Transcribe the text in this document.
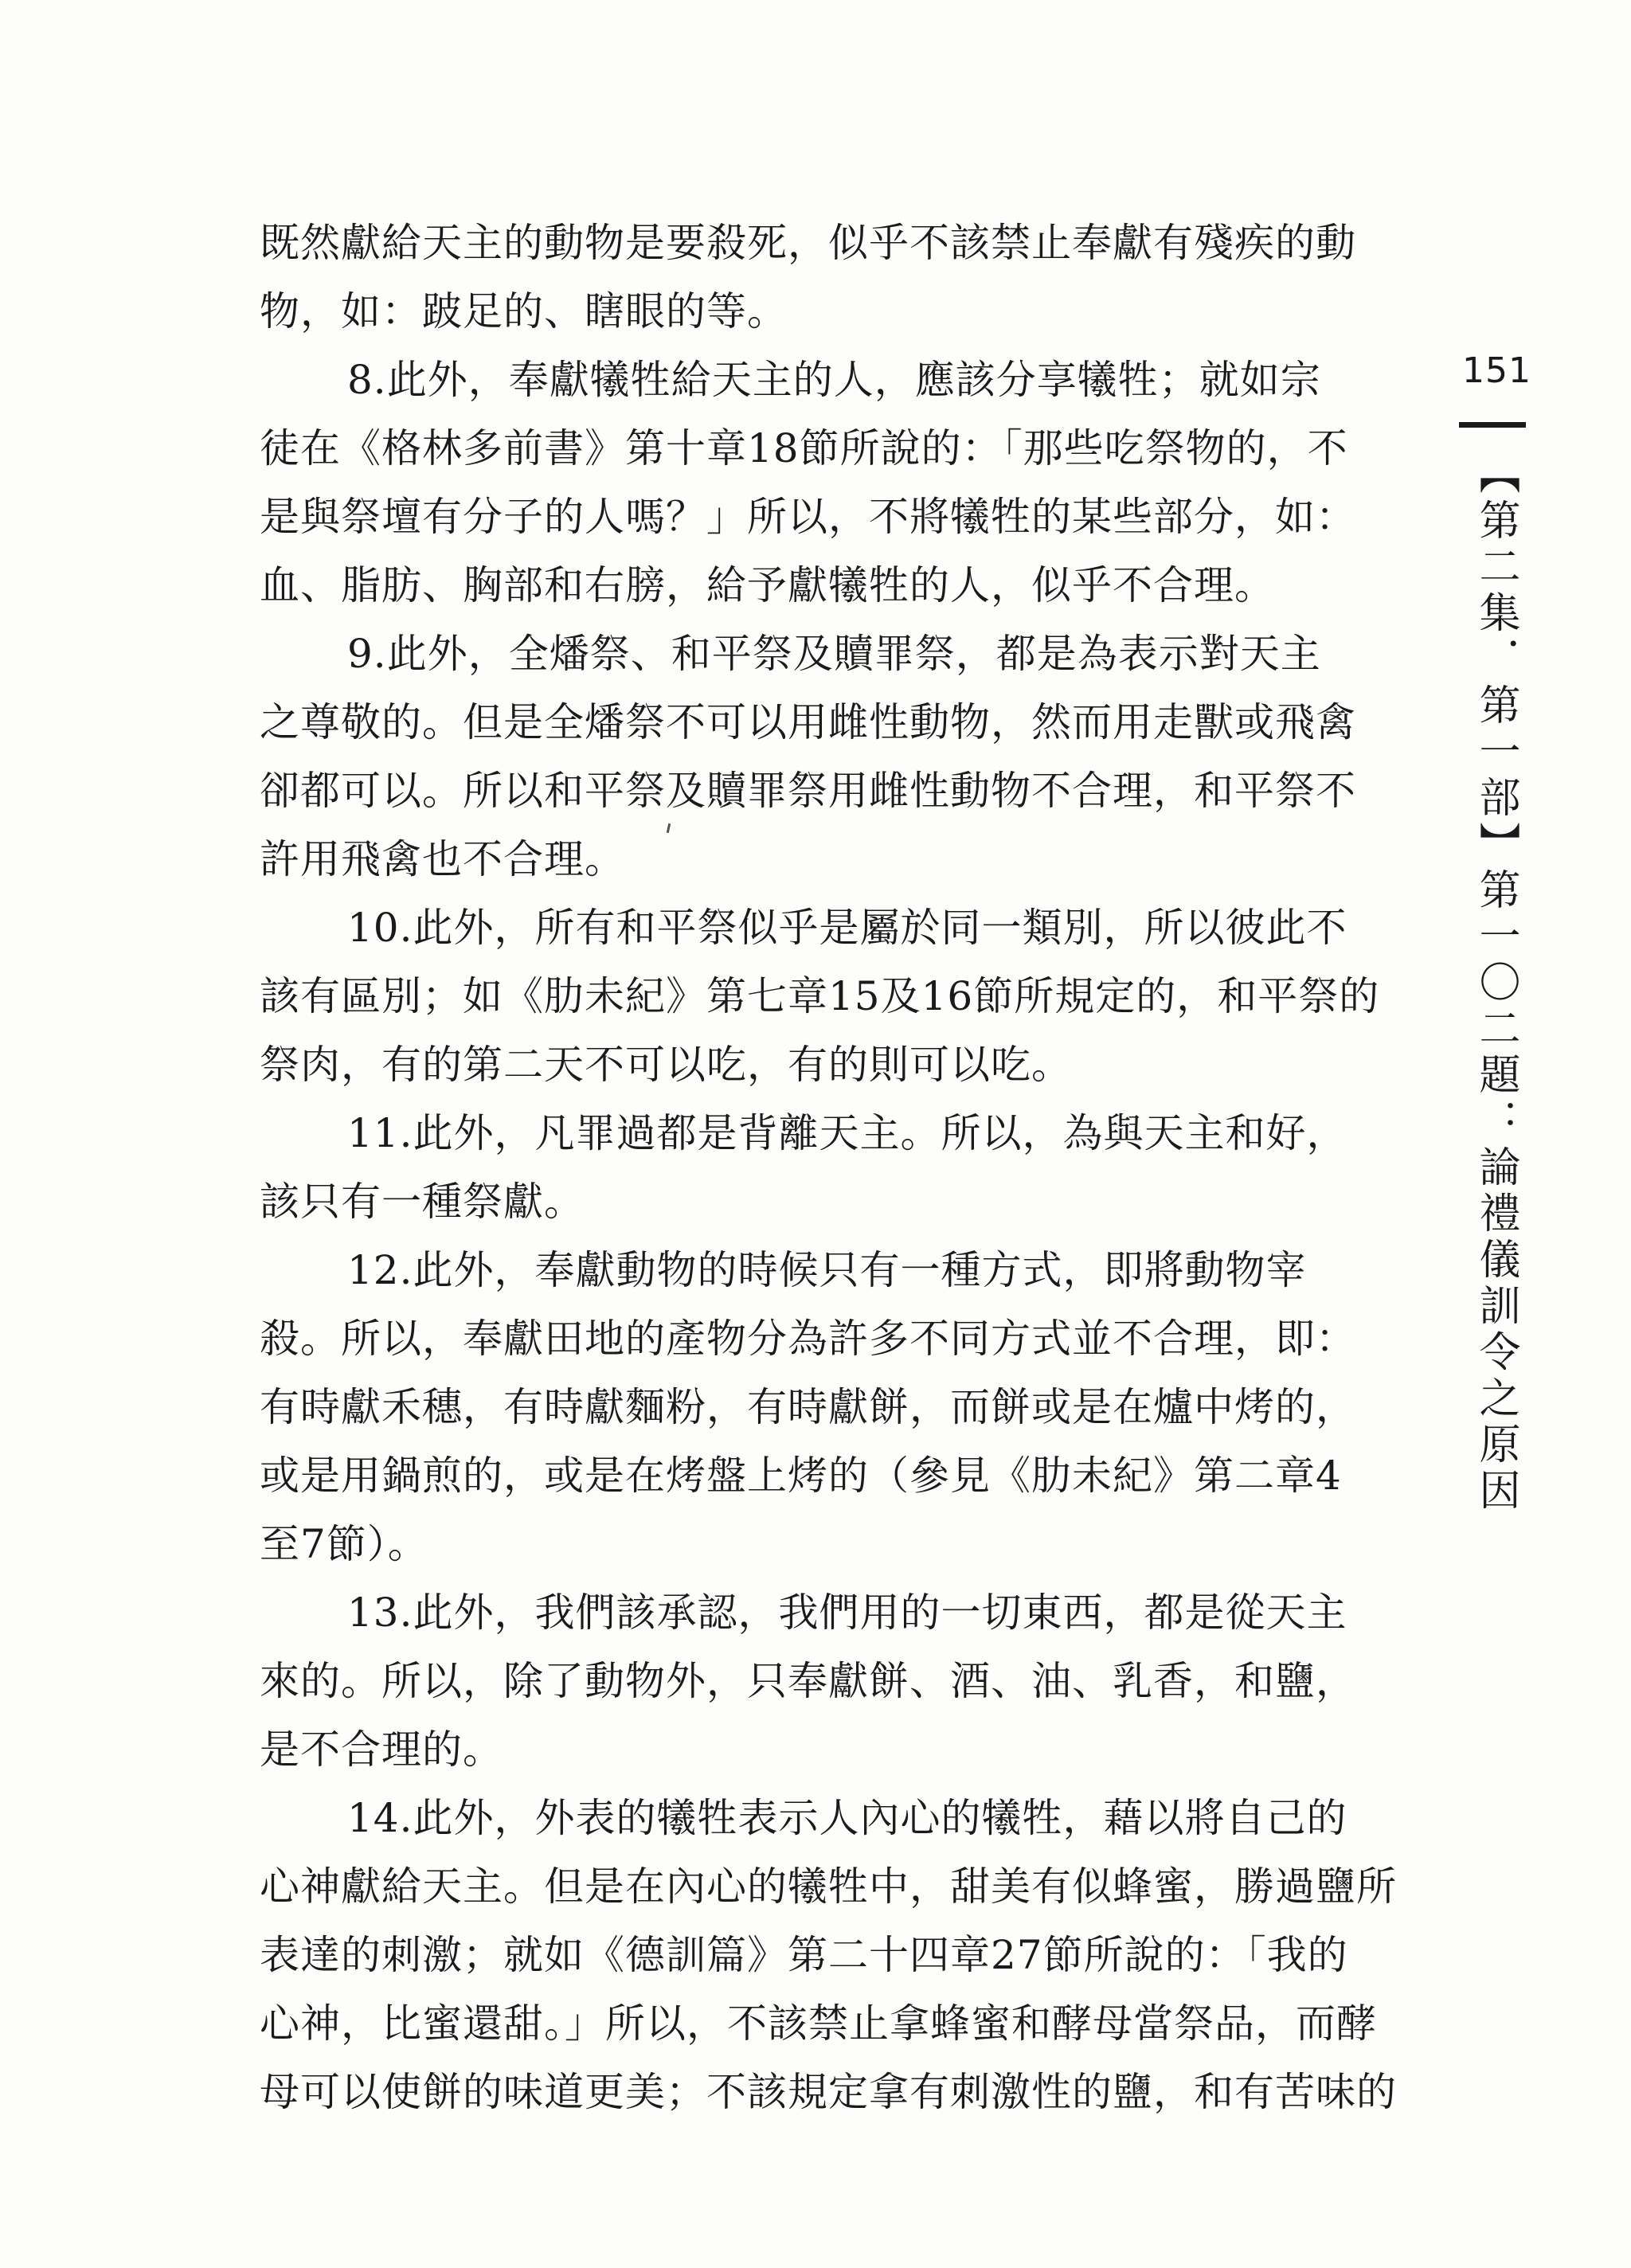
既然獻給天主的動物是要殺死，似乎不該禁止奉獻有殘疾的動
物，如：跛足的、瞎眼的等。
8.此外，奉獻犧牲給天主的人，應該分享犧牲；就如宗
徒在《格林多前書》第十章18節所說的：「那些吃祭物的，不
是與祭壇有分子的人嗎？」所以，不將犧牲的某些部分，如：
血、脂肪、胸部和右膀，給予獻犧牲的人，似乎不合理。
9.此外，全燔祭、和平祭及贖罪祭，都是為表示對天主
之尊敬的。但是全燔祭不可以用雌性動物，然而用走獸或飛禽
卻都可以。所以和平祭及贖罪祭用雌性動物不合理，和平祭不
許用飛禽也不合理。
10.此外，所有和平祭似乎是屬於同一類別，所以彼此不
該有區別；如《肋未紀》第七章15及16節所規定的，和平祭的
祭肉，有的第二天不可以吃，有的則可以吃。
11.此外，凡罪過都是背離天主。所以，為與天主和好，
該只有一種祭獻。
12.此外，奉獻動物的時候只有一種方式，即將動物宰
殺。所以，奉獻田地的產物分為許多不同方式並不合理，即：
有時獻禾穗，有時獻麵粉，有時獻餅，而餅或是在爐中烤的，
或是用鍋煎的，或是在烤盤上烤的（參見《肋未紀》第二章4
至7節）。
13.此外，我們該承認，我們用的一切東西，都是從天主
來的。所以，除了動物外，只奉獻餅、酒、油、乳香，和鹽，
是不合理的。
14.此外，外表的犧牲表示人內心的犧牲，藉以將自己的
心神獻給天主。但是在內心的犧牲中，甜美有似蜂蜜，勝過鹽所
表達的刺激；就如《德訓篇》第二十四章27節所說的：「我的
心神，比蜜還甜。」所以，不該禁止拿蜂蜜和酵母當祭品，而酵
母可以使餅的味道更美；不該規定拿有刺激性的鹽，和有苦味的
151
【第二集．第一部】第一〇二題：論禮儀訓令之原因
